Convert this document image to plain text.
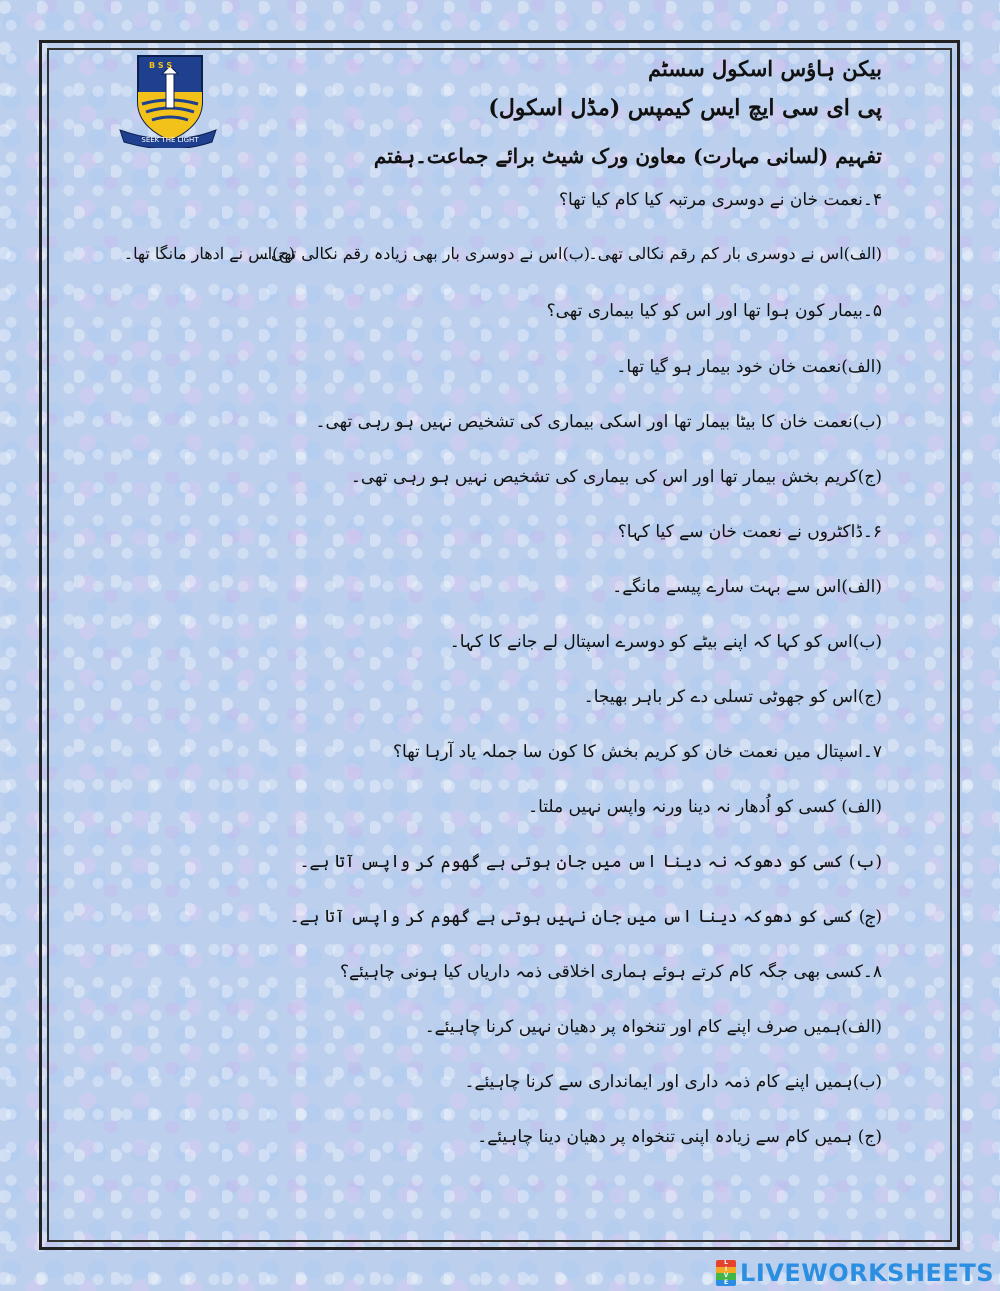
B S S
SEEK THE LIGHT
بیکن ہاؤس اسکول سسٹم
پی ای سی ایچ ایس کیمپس (مڈل اسکول)
تفہیم (لسانی مہارت) معاون ورک شیٹ برائے جماعت۔ہفتم
۴۔نعمت خان نے دوسری مرتبہ کیا کام کیا تھا؟
(الف)اس نے دوسری بار کم رقم نکالی تھی۔
(ب)اس نے دوسری بار بھی زیادہ رقم نکالی تھی۔
(ج)اس نے ادھار مانگا تھا۔
۵۔بیمار کون ہوا تھا اور اس کو کیا بیماری تھی؟
(الف)نعمت خان خود بیمار ہو گیا تھا۔
(ب)نعمت خان کا بیٹا بیمار تھا اور اسکی بیماری کی تشخیص نہیں ہو رہی تھی۔
(ج)کریم بخش بیمار تھا اور اس کی بیماری کی تشخیص نہیں ہو رہی تھی۔
۶۔ڈاکٹروں نے نعمت خان سے کیا کہا؟
(الف)اس سے بہت سارے پیسے مانگے۔
(ب)اس کو کہا کہ اپنے بیٹے کو دوسرے اسپتال لے جانے کا کہا۔
(ج)اس کو جھوٹی تسلی دے کر باہر بھیجا۔
۷۔اسپتال میں نعمت خان کو کریم بخش کا کون سا جملہ یاد آرہا تھا؟
(الف) کسی کو اُدھار نہ دینا ورنہ واپس نہیں ملتا۔
(ب) کسی کو دھوکہ نہ دینا اس میں جان ہوتی ہے گھوم کر واپس آتا ہے۔
(ج) کسی کو دھوکہ دینا اس میں جان نہیں ہوتی ہے گھوم کر واپس آتا ہے۔
۸۔کسی بھی جگہ کام کرتے ہوئے ہماری اخلاقی ذمہ داریاں کیا ہونی چاہیئے؟
(الف)ہمیں صرف اپنے کام اور تنخواہ پر دھیان نہیں کرنا چاہیئے۔
(ب)ہمیں اپنے کام ذمہ داری اور ایمانداری سے کرنا چاہیئے۔
(ج) ہمیں کام سے زیادہ اپنی تنخواہ پر دھیان دینا چاہیئے۔
L
I
V
E LIVEWORKSHEETS
